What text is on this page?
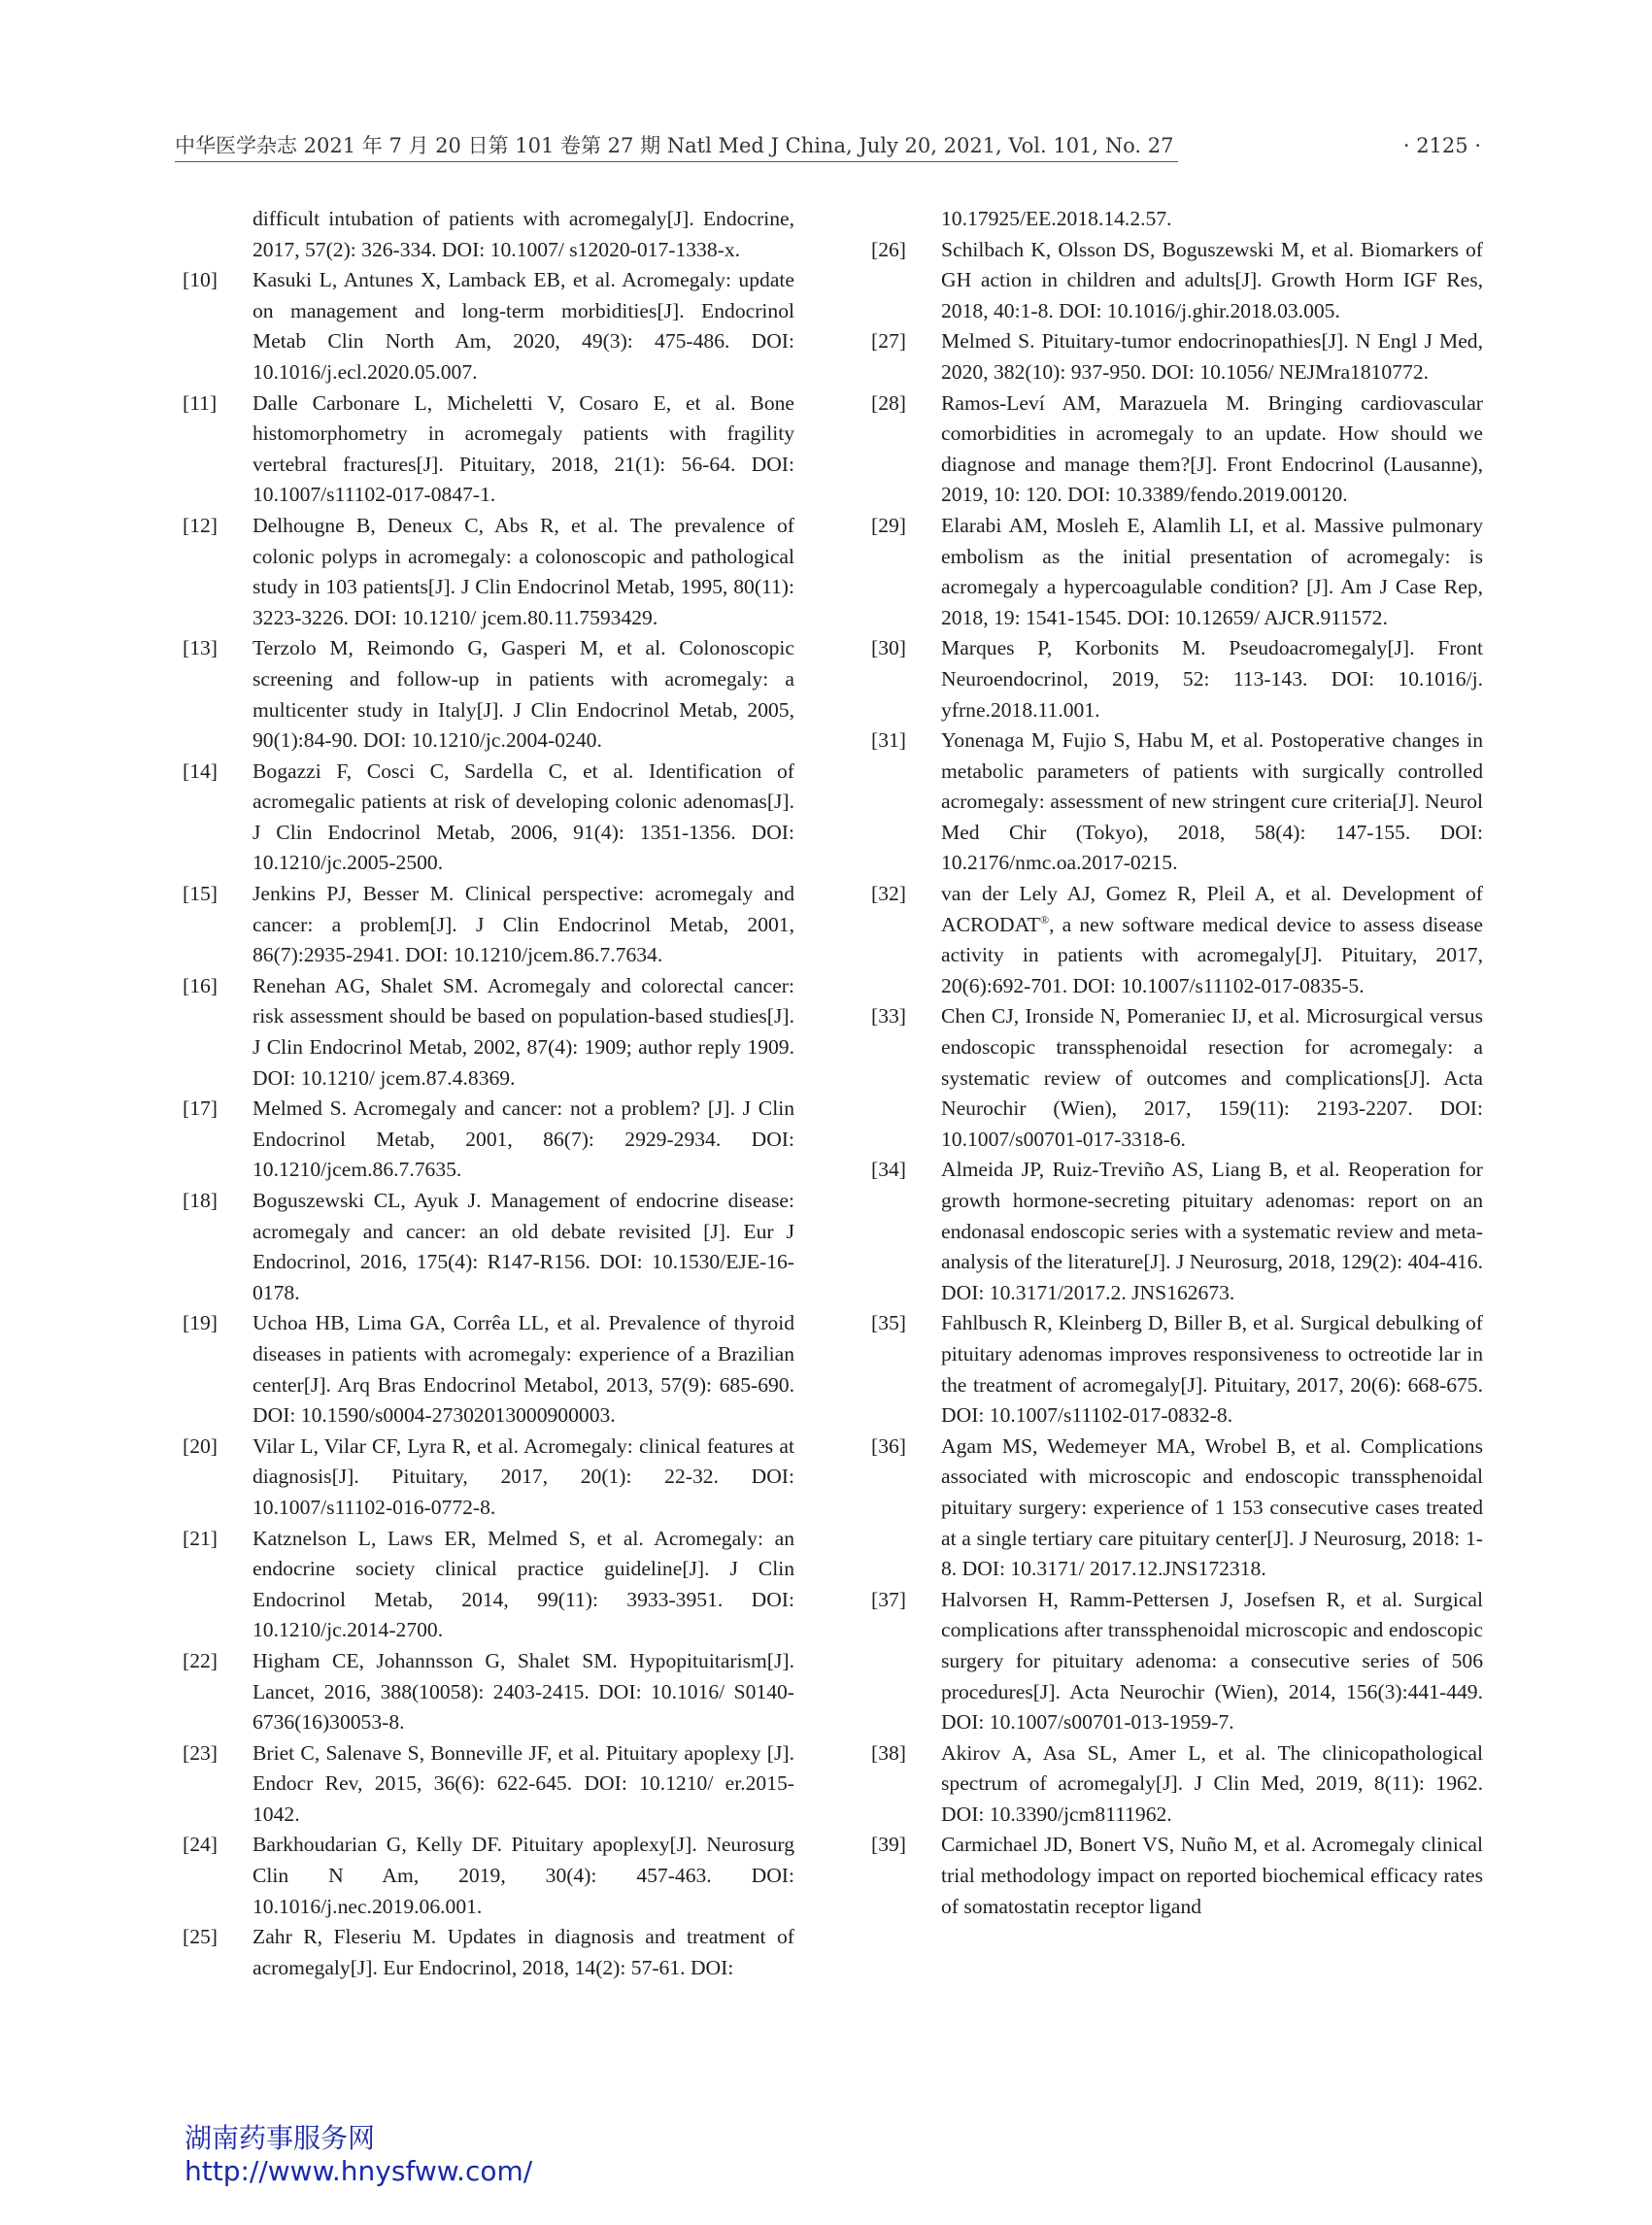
中华医学杂志 2021 年 7 月 20 日第 101 卷第 27 期 Natl Med J China, July 20, 2021, Vol. 101, No. 27	· 2125 ·
difficult intubation of patients with acromegaly[J]. Endocrine, 2017, 57(2): 326-334. DOI: 10.1007/ s12020-017-1338-x.
[10]	Kasuki L, Antunes X, Lamback EB, et al. Acromegaly: update on management and long-term morbidities[J]. Endocrinol Metab Clin North Am, 2020, 49(3): 475-486. DOI: 10.1016/j.ecl.2020.05.007.
[11]	Dalle Carbonare L, Micheletti V, Cosaro E, et al. Bone histomorphometry in acromegaly patients with fragility vertebral fractures[J]. Pituitary, 2018, 21(1): 56-64. DOI: 10.1007/s11102-017-0847-1.
[12]	Delhougne B, Deneux C, Abs R, et al. The prevalence of colonic polyps in acromegaly: a colonoscopic and pathological study in 103 patients[J]. J Clin Endocrinol Metab, 1995, 80(11): 3223-3226. DOI: 10.1210/ jcem.80.11.7593429.
[13]	Terzolo M, Reimondo G, Gasperi M, et al. Colonoscopic screening and follow-up in patients with acromegaly: a multicenter study in Italy[J]. J Clin Endocrinol Metab, 2005, 90(1):84-90. DOI: 10.1210/jc.2004-0240.
[14]	Bogazzi F, Cosci C, Sardella C, et al. Identification of acromegalic patients at risk of developing colonic adenomas[J]. J Clin Endocrinol Metab, 2006, 91(4): 1351-1356. DOI: 10.1210/jc.2005-2500.
[15]	Jenkins PJ, Besser M. Clinical perspective: acromegaly and cancer: a problem[J]. J Clin Endocrinol Metab, 2001, 86(7):2935-2941. DOI: 10.1210/jcem.86.7.7634.
[16]	Renehan AG, Shalet SM. Acromegaly and colorectal cancer: risk assessment should be based on population-based studies[J]. J Clin Endocrinol Metab, 2002, 87(4): 1909; author reply 1909. DOI: 10.1210/ jcem.87.4.8369.
[17]	Melmed S. Acromegaly and cancer: not a problem? [J]. J Clin Endocrinol Metab, 2001, 86(7): 2929-2934. DOI: 10.1210/jcem.86.7.7635.
[18]	Boguszewski CL, Ayuk J. Management of endocrine disease: acromegaly and cancer: an old debate revisited [J]. Eur J Endocrinol, 2016, 175(4): R147-R156. DOI: 10.1530/EJE-16-0178.
[19]	Uchoa HB, Lima GA, Corrêa LL, et al. Prevalence of thyroid diseases in patients with acromegaly: experience of a Brazilian center[J]. Arq Bras Endocrinol Metabol, 2013, 57(9): 685-690. DOI: 10.1590/s0004-27302013000900003.
[20]	Vilar L, Vilar CF, Lyra R, et al. Acromegaly: clinical features at diagnosis[J]. Pituitary, 2017, 20(1): 22-32. DOI: 10.1007/s11102-016-0772-8.
[21]	Katznelson L, Laws ER, Melmed S, et al. Acromegaly: an endocrine society clinical practice guideline[J]. J Clin Endocrinol Metab, 2014, 99(11): 3933-3951. DOI: 10.1210/jc.2014-2700.
[22]	Higham CE, Johannsson G, Shalet SM. Hypopituitarism[J]. Lancet, 2016, 388(10058): 2403-2415. DOI: 10.1016/ S0140-6736(16)30053-8.
[23]	Briet C, Salenave S, Bonneville JF, et al. Pituitary apoplexy [J]. Endocr Rev, 2015, 36(6): 622-645. DOI: 10.1210/ er.2015-1042.
[24]	Barkhoudarian G, Kelly DF. Pituitary apoplexy[J]. Neurosurg Clin N Am, 2019, 30(4): 457-463. DOI: 10.1016/j.nec.2019.06.001.
[25]	Zahr R, Fleseriu M. Updates in diagnosis and treatment of acromegaly[J]. Eur Endocrinol, 2018, 14(2): 57-61. DOI:
10.17925/EE.2018.14.2.57.
[26]	Schilbach K, Olsson DS, Boguszewski M, et al. Biomarkers of GH action in children and adults[J]. Growth Horm IGF Res, 2018, 40:1-8. DOI: 10.1016/j.ghir.2018.03.005.
[27]	Melmed S. Pituitary-tumor endocrinopathies[J]. N Engl J Med, 2020, 382(10): 937-950. DOI: 10.1056/ NEJMra1810772.
[28]	Ramos-Leví AM, Marazuela M. Bringing cardiovascular comorbidities in acromegaly to an update. How should we diagnose and manage them?[J]. Front Endocrinol (Lausanne), 2019, 10: 120. DOI: 10.3389/fendo.2019.00120.
[29]	Elarabi AM, Mosleh E, Alamlih LI, et al. Massive pulmonary embolism as the initial presentation of acromegaly: is acromegaly a hypercoagulable condition? [J]. Am J Case Rep, 2018, 19: 1541-1545. DOI: 10.12659/ AJCR.911572.
[30]	Marques P, Korbonits M. Pseudoacromegaly[J]. Front Neuroendocrinol, 2019, 52: 113-143. DOI: 10.1016/j. yfrne.2018.11.001.
[31]	Yonenaga M, Fujio S, Habu M, et al. Postoperative changes in metabolic parameters of patients with surgically controlled acromegaly: assessment of new stringent cure criteria[J]. Neurol Med Chir (Tokyo), 2018, 58(4): 147-155. DOI: 10.2176/nmc.oa.2017-0215.
[32]	van der Lely AJ, Gomez R, Pleil A, et al. Development of ACRODAT®, a new software medical device to assess disease activity in patients with acromegaly[J]. Pituitary, 2017, 20(6):692-701. DOI: 10.1007/s11102-017-0835-5.
[33]	Chen CJ, Ironside N, Pomeraniec IJ, et al. Microsurgical versus endoscopic transsphenoidal resection for acromegaly: a systematic review of outcomes and complications[J]. Acta Neurochir (Wien), 2017, 159(11): 2193-2207. DOI: 10.1007/s00701-017-3318-6.
[34]	Almeida JP, Ruiz-Treviño AS, Liang B, et al. Reoperation for growth hormone-secreting pituitary adenomas: report on an endonasal endoscopic series with a systematic review and meta-analysis of the literature[J]. J Neurosurg, 2018, 129(2): 404-416. DOI: 10.3171/2017.2. JNS162673.
[35]	Fahlbusch R, Kleinberg D, Biller B, et al. Surgical debulking of pituitary adenomas improves responsiveness to octreotide lar in the treatment of acromegaly[J]. Pituitary, 2017, 20(6): 668-675. DOI: 10.1007/s11102-017-0832-8.
[36]	Agam MS, Wedemeyer MA, Wrobel B, et al. Complications associated with microscopic and endoscopic transsphenoidal pituitary surgery: experience of 1 153 consecutive cases treated at a single tertiary care pituitary center[J]. J Neurosurg, 2018: 1-8. DOI: 10.3171/ 2017.12.JNS172318.
[37]	Halvorsen H, Ramm-Pettersen J, Josefsen R, et al. Surgical complications after transsphenoidal microscopic and endoscopic surgery for pituitary adenoma: a consecutive series of 506 procedures[J]. Acta Neurochir (Wien), 2014, 156(3):441-449. DOI: 10.1007/s00701-013-1959-7.
[38]	Akirov A, Asa SL, Amer L, et al. The clinicopathological spectrum of acromegaly[J]. J Clin Med, 2019, 8(11): 1962. DOI: 10.3390/jcm8111962.
[39]	Carmichael JD, Bonert VS, Nuño M, et al. Acromegaly clinical trial methodology impact on reported biochemical efficacy rates of somatostatin receptor ligand
湖南药事服务网
http://www.hnysfww.com/
